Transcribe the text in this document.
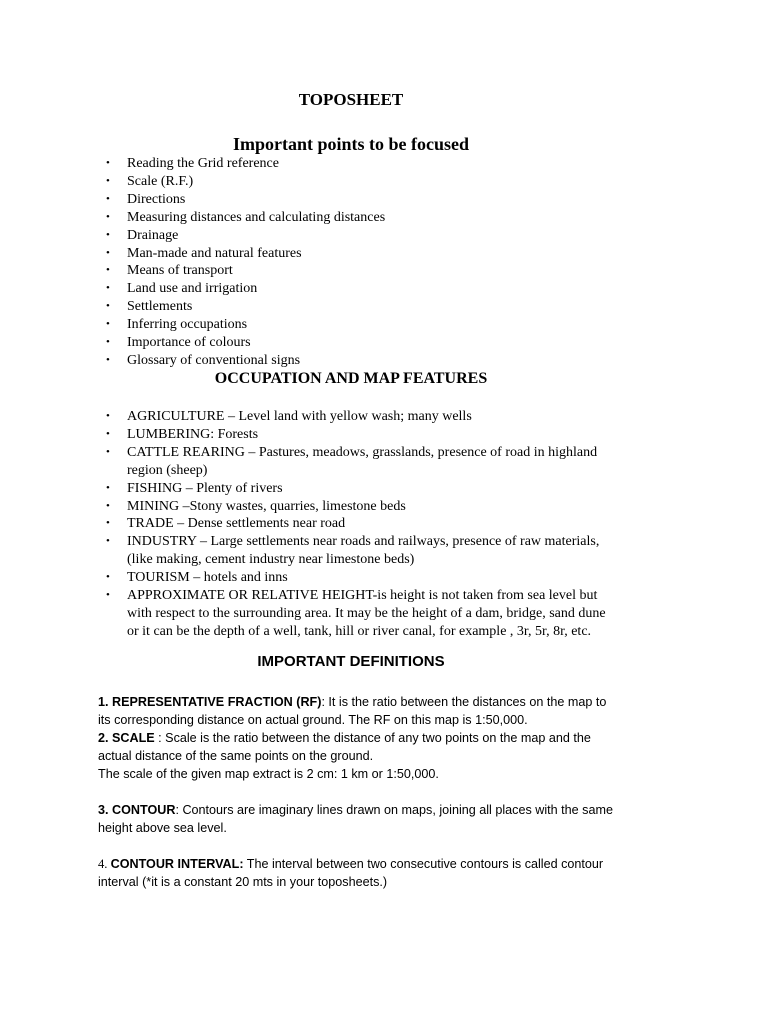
TOPOSHEET
Important points to be focused
• Reading the Grid reference
• Scale (R.F.)
• Directions
• Measuring distances and calculating distances
• Drainage
• Man-made and natural features
• Means of transport
• Land use and irrigation
• Settlements
• Inferring occupations
• Importance of colours
• Glossary of conventional signs
OCCUPATION AND MAP FEATURES
• AGRICULTURE – Level land with yellow wash; many wells
• LUMBERING: Forests
• CATTLE REARING – Pastures, meadows, grasslands, presence of road in highland region (sheep)
• FISHING – Plenty of rivers
• MINING –Stony wastes, quarries, limestone beds
• TRADE – Dense settlements near road
• INDUSTRY – Large settlements near roads and railways, presence of raw materials, (like making, cement industry near limestone beds)
• TOURISM – hotels and inns
• APPROXIMATE OR RELATIVE HEIGHT-is height is not taken from sea level but with respect to the surrounding area. It may be the height of a dam, bridge, sand dune or it can be the depth of a well, tank, hill or river canal, for example , 3r, 5r, 8r, etc.
IMPORTANT DEFINITIONS

1. REPRESENTATIVE FRACTION (RF): It is the ratio between the distances on the map to its corresponding distance on actual ground. The RF on this map is 1:50,000.

2. SCALE : Scale is the ratio between the distance of any two points on the map and the actual distance of the same points on the ground.

The scale of the given map extract is 2 cm: 1 km or 1:50,000.

3. CONTOUR: Contours are imaginary lines drawn on maps, joining all places with the same height above sea level.

4. CONTOUR INTERVAL: The interval between two consecutive contours is called contour interval (*it is a constant 20 mts in your toposheets.)
